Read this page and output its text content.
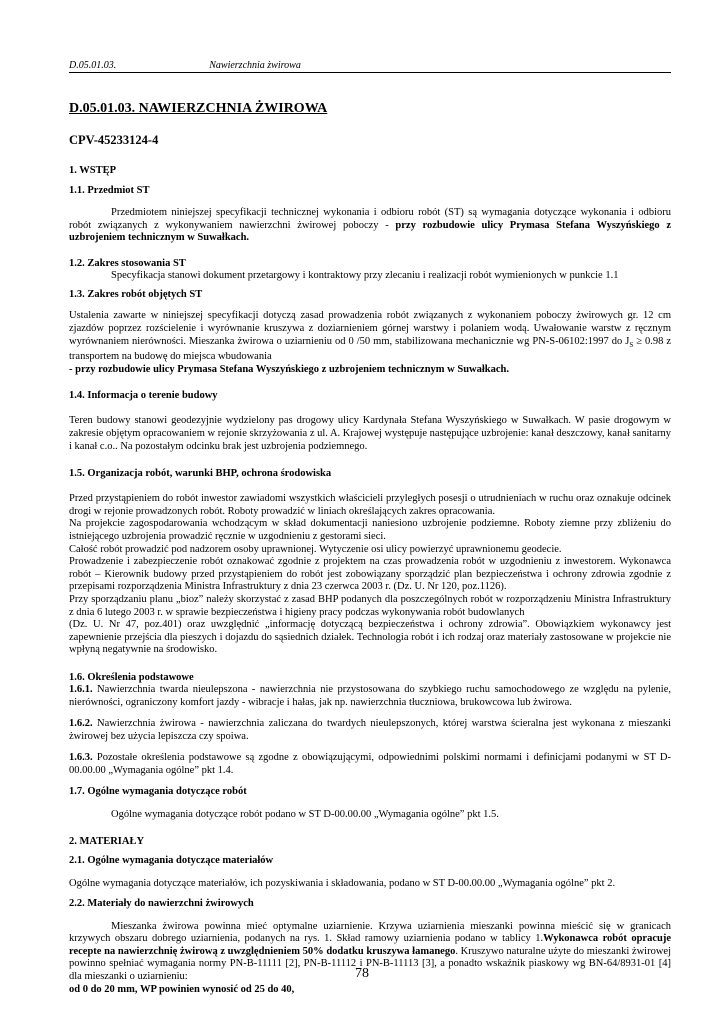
D.05.01.03.	Nawierzchnia żwirowa
D.05.01.03. NAWIERZCHNIA ŻWIROWA
CPV-45233124-4
1. WSTĘP
1.1. Przedmiot ST

Przedmiotem niniejszej specyfikacji technicznej wykonania i odbioru robót (ST) są wymagania dotyczące wykonania i odbioru robót związanych z wykonywaniem nawierzchni żwirowej poboczy - przy rozbudowie ulicy Prymasa Stefana Wyszyńskiego z uzbrojeniem technicznym w Suwałkach.

1.2. Zakres stosowania ST

Specyfikacja stanowi dokument przetargowy i kontraktowy przy zlecaniu i realizacji robót wymienionych w punkcie 1.1

1.3. Zakres robót objętych ST

Ustalenia zawarte w niniejszej specyfikacji dotyczą zasad prowadzenia robót związanych z wykonaniem poboczy żwirowych gr. 12 cm zjazdów poprzez rozścielenie i wyrównanie kruszywa z doziarnieniem górnej warstwy i polaniem wodą. Uwałowanie warstw z ręcznym wyrównaniem nierówności. Mieszanka żwirowa o uziarnieniu od 0 /50 mm, stabilizowana mechanicznie wg PN-S-06102:1997 do $J_S \ge 0.98$ z transportem na budowę do miejsca wbudowania
- przy rozbudowie ulicy Prymasa Stefana Wyszyńskiego z uzbrojeniem technicznym w Suwałkach.

1.4. Informacja o terenie budowy

Teren budowy stanowi geodezyjnie wydzielony pas drogowy ulicy Kardynała Stefana Wyszyńskiego w Suwałkach. W pasie drogowym w zakresie objętym opracowaniem w rejonie skrzyżowania z ul. A. Krajowej występuje następujące uzbrojenie: kanał deszczowy, kanał sanitarny i kanał c.o.. Na pozostałym odcinku brak jest uzbrojenia podziemnego.

1.5. Organizacja robót, warunki BHP, ochrona środowiska

Przed przystąpieniem do robót inwestor zawiadomi wszystkich właścicieli przyległych posesji o utrudnieniach w ruchu oraz oznakuje odcinek drogi w rejonie prowadzonych robót. Roboty prowadzić w liniach określających zakres opracowania.

Na projekcie zagospodarowania wchodzącym w skład dokumentacji naniesiono uzbrojenie podziemne. Roboty ziemne przy zbliżeniu do istniejącego uzbrojenia prowadzić ręcznie w uzgodnieniu z gestorami sieci.

Całość robót prowadzić pod nadzorem osoby uprawnionej. Wytyczenie osi ulicy powierzyć uprawnionemu geodecie.

Prowadzenie i zabezpieczenie robót oznakować zgodnie z projektem na czas prowadzenia robót w uzgodnieniu z inwestorem. Wykonawca robót – Kierownik budowy przed przystąpieniem do robót jest zobowiązany sporządzić plan bezpieczeństwa i ochrony zdrowia zgodnie z przepisami rozporządzenia Ministra Infrastruktury z dnia 23 czerwca 2003 r. (Dz. U. Nr 120, poz.1126).

Przy sporządzaniu planu „bioz” należy skorzystać z zasad BHP podanych dla poszczególnych robót w rozporządzeniu Ministra Infrastruktury z dnia 6 lutego 2003 r. w sprawie bezpieczeństwa i higieny pracy podczas wykonywania robót budowlanych

(Dz. U. Nr 47, poz.401) oraz uwzględnić „informację dotyczącą bezpieczeństwa i ochrony zdrowia”. Obowiązkiem wykonawcy jest zapewnienie przejścia dla pieszych i dojazdu do sąsiednich działek. Technologia robót i ich rodzaj oraz materiały zastosowane w projekcie nie wpłyną negatywnie na środowisko.

1.6. Określenia podstawowe

1.6.1. Nawierzchnia twarda nieulepszona - nawierzchnia nie przystosowana do szybkiego ruchu samochodowego ze względu na pylenie, nierówności, ograniczony komfort jazdy - wibracje i hałas, jak np. nawierzchnia tłuczniowa, brukowcowa lub żwirowa.

1.6.2. Nawierzchnia żwirowa - nawierzchnia zaliczana do twardych nieulepszonych, której warstwa ścieralna jest wykonana z mieszanki żwirowej bez użycia lepiszcza czy spoiwa.

1.6.3. Pozostałe określenia podstawowe są zgodne z obowiązującymi, odpowiednimi polskimi normami i definicjami podanymi w ST D-00.00.00 „Wymagania ogólne” pkt 1.4.

1.7. Ogólne wymagania dotyczące robót

Ogólne wymagania dotyczące robót podano w ST D-00.00.00 „Wymagania ogólne” pkt 1.5.

2. MATERIAŁY
2.1. Ogólne wymagania dotyczące materiałów

Ogólne wymagania dotyczące materiałów, ich pozyskiwania i składowania, podano w ST D-00.00.00 „Wymagania ogólne” pkt 2.

2.2. Materiały do nawierzchni żwirowych

Mieszanka żwirowa powinna mieć optymalne uziarnienie. Krzywa uziarnienia mieszanki powinna mieścić się w granicach krzywych obszaru dobrego uziarnienia, podanych na rys. 1. Skład ramowy uziarnienia podano w tablicy 1.Wykonawca robót opracuje recepte na nawierzchnię żwirową z uwzględnieniem 50% dodatku kruszywa łamanego. Kruszywo naturalne użyte do mieszanki żwirowej powinno spełniać wymagania normy PN-B-11111 [2], PN-B-11112 i PN-B-11113 [3], a ponadto wskaźnik piaskowy wg BN-64/8931-01 [4] dla mieszanki o uziarnieniu:
od 0 do 20 mm, WP powinien wynosić od 25 do 40,

78
